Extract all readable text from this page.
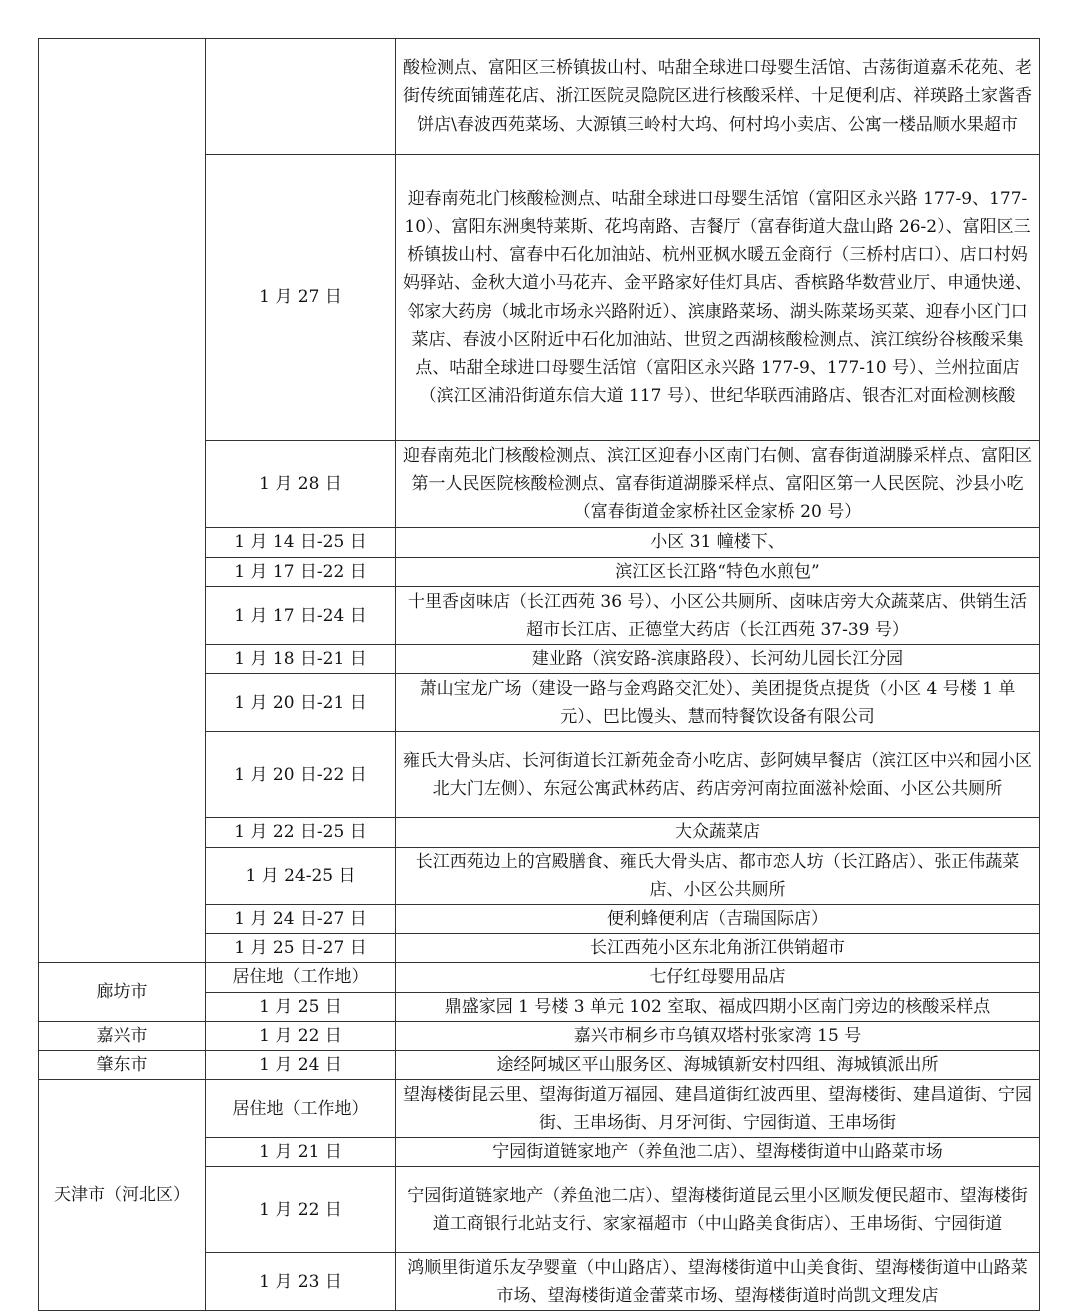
		酸检测点、富阳区三桥镇拔山村、咕甜全球进口母婴生活馆、古荡街道嘉禾花苑、老街传统面铺莲花店、浙江医院灵隐院区进行核酸采样、十足便利店、祥瑛路土家酱香饼店\春波西苑菜场、大源镇三岭村大坞、何村坞小卖店、公寓一楼品顺水果超市
	1 月 27 日	迎春南苑北门核酸检测点、咕甜全球进口母婴生活馆（富阳区永兴路 177-9、177-10）、富阳东洲奥特莱斯、花坞南路、吉餐厅（富春街道大盘山路 26-2）、富阳区三桥镇拔山村、富春中石化加油站、杭州亚枫水暖五金商行（三桥村店口）、店口村妈妈驿站、金秋大道小马花卉、金平路家好佳灯具店、香槟路华数营业厅、申通快递、邻家大药房（城北市场永兴路附近）、滨康路菜场、湖头陈菜场买菜、迎春小区门口菜店、春波小区附近中石化加油站、世贸之西湖核酸检测点、滨江缤纷谷核酸采集点、咕甜全球进口母婴生活馆（富阳区永兴路 177-9、177-10 号）、兰州拉面店（滨江区浦沿街道东信大道 117 号）、世纪华联西浦路店、银杏汇对面检测核酸
	1 月 28 日	迎春南苑北门核酸检测点、滨江区迎春小区南门右侧、富春街道湖滕采样点、富阳区第一人民医院核酸检测点、富春街道湖滕采样点、富阳区第一人民医院、沙县小吃（富春街道金家桥社区金家桥 20 号）
	1 月 14 日-25 日	小区 31 幢楼下、
	1 月 17 日-22 日	滨江区长江路“特色水煎包”
	1 月 17 日-24 日	十里香卤味店（长江西苑 36 号）、小区公共厕所、卤味店旁大众蔬菜店、供销生活超市长江店、正德堂大药店（长江西苑 37-39 号）
	1 月 18 日-21 日	建业路（滨安路-滨康路段）、长河幼儿园长江分园
	1 月 20 日-21 日	萧山宝龙广场（建设一路与金鸡路交汇处）、美团提货点提货（小区 4 号楼 1 单元）、巴比馒头、慧而特餐饮设备有限公司
	1 月 20 日-22 日	雍氏大骨头店、长河街道长江新苑金奇小吃店、彭阿姨早餐店（滨江区中兴和园小区北大门左侧）、东冠公寓武林药店、药店旁河南拉面滋补烩面、小区公共厕所
	1 月 22 日-25 日	大众蔬菜店
	1 月 24-25 日	长江西苑边上的宫殿膳食、雍氏大骨头店、都市恋人坊（长江路店）、张正伟蔬菜店、小区公共厕所
	1 月 24 日-27 日	便利蜂便利店（吉瑞国际店）
	1 月 25 日-27 日	长江西苑小区东北角浙江供销超市
廊坊市	居住地（工作地）	七仔红母婴用品店
	1 月 25 日	鼎盛家园 1 号楼 3 单元 102 室取、福成四期小区南门旁边的核酸采样点
嘉兴市	1 月 22 日	嘉兴市桐乡市乌镇双塔村张家湾 15 号
肇东市	1 月 24 日	途经阿城区平山服务区、海城镇新安村四组、海城镇派出所
天津市（河北区）	居住地（工作地）	望海楼街昆云里、望海街道万福园、建昌道街红波西里、望海楼街、建昌道街、宁园街、王串场街、月牙河街、宁园街道、王串场街
	1 月 21 日	宁园街道链家地产（养鱼池二店）、望海楼街道中山路菜市场
	1 月 22 日	宁园街道链家地产（养鱼池二店）、望海楼街道昆云里小区顺发便民超市、望海楼街道工商银行北站支行、家家福超市（中山路美食街店）、王串场街、宁园街道
	1 月 23 日	鸿顺里街道乐友孕婴童（中山路店）、望海楼街道中山美食街、望海楼街道中山路菜市场、望海楼街道金蕾菜市场、望海楼街道时尚凯文理发店
